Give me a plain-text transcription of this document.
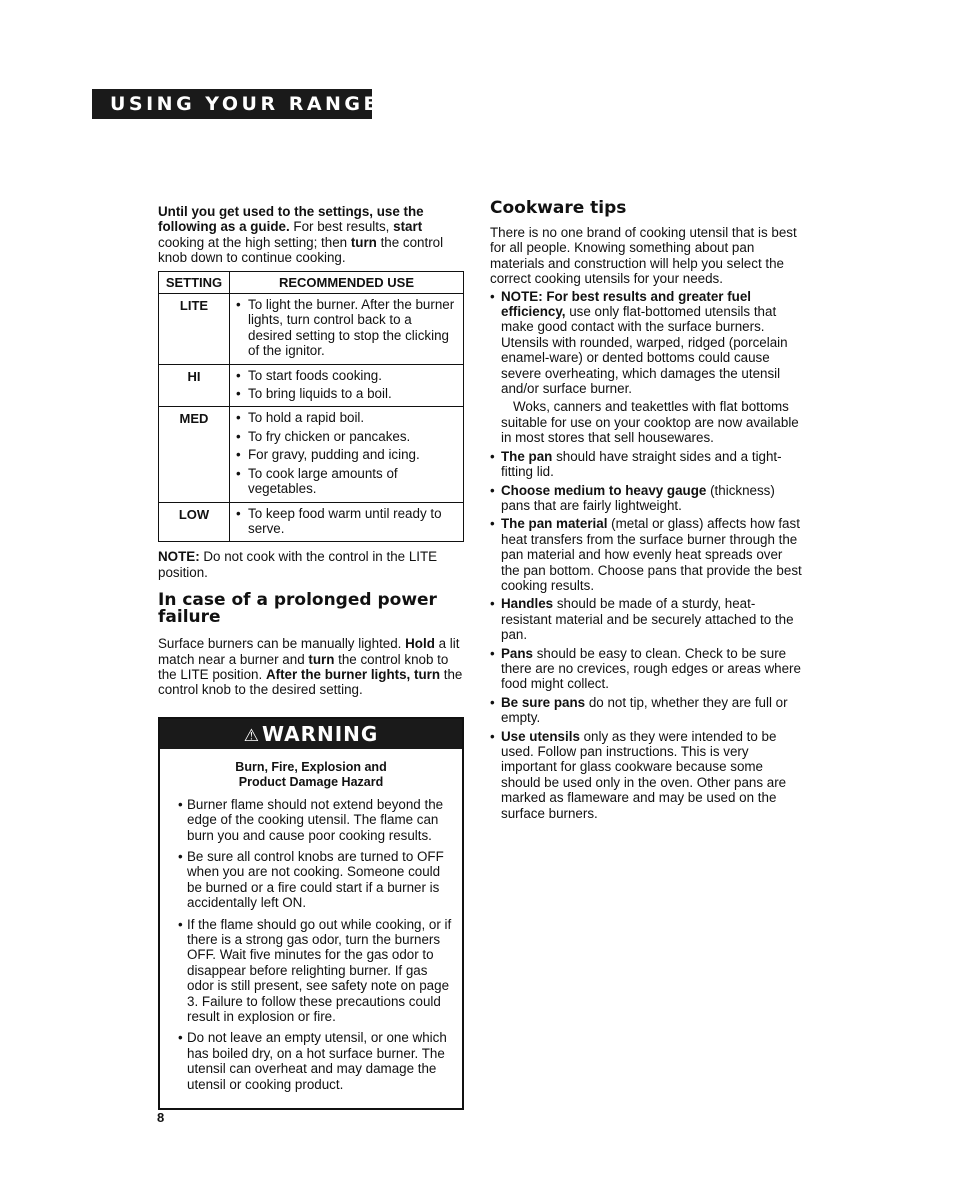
USING YOUR RANGE

Until you get used to the settings, use the following as a guide. For best results, start cooking at the high setting; then turn the control knob down to continue cooking.

SETTING	RECOMMENDED USE
LITE	• To light the burner. After the burner lights, turn control back to a desired setting to stop the clicking of the ignitor.

HI	• To start foods cooking.
• To bring liquids to a boil.

MED	• To hold a rapid boil.
• To fry chicken or pancakes.
• For gravy, pudding and icing.
• To cook large amounts of vegetables.

LOW	• To keep food warm until ready to serve.

NOTE: Do not cook with the control in the LITE position.

In case of a prolonged power failure

Surface burners can be manually lighted. Hold a lit match near a burner and turn the control knob to the LITE position. After the burner lights, turn the control knob to the desired setting.

⚠ WARNING
Burn, Fire, Explosion and
Product Damage Hazard
• Burner flame should not extend beyond the edge of the cooking utensil. The flame can burn you and cause poor cooking results.
• Be sure all control knobs are turned to OFF when you are not cooking. Someone could be burned or a fire could start if a burner is accidentally left ON.
• If the flame should go out while cooking, or if there is a strong gas odor, turn the burners OFF. Wait five minutes for the gas odor to disappear before relighting burner. If gas odor is still present, see safety note on page 3. Failure to follow these precautions could result in explosion or fire.
• Do not leave an empty utensil, or one which has boiled dry, on a hot surface burner. The utensil can overheat and may damage the utensil or cooking product.
Cookware tips

There is no one brand of cooking utensil that is best for all people. Knowing something about pan materials and construction will help you select the correct cooking utensils for your needs.

• NOTE: For best results and greater fuel efficiency, use only flat-bottomed utensils that make good contact with the surface burners. Utensils with rounded, warped, ridged (porcelain enamel-ware) or dented bottoms could cause severe overheating, which damages the utensil and/or surface burner.

Woks, canners and teakettles with flat bottoms suitable for use on your cooktop are now available in most stores that sell housewares.

• The pan should have straight sides and a tight-fitting lid.
• Choose medium to heavy gauge (thickness) pans that are fairly lightweight.
• The pan material (metal or glass) affects how fast heat transfers from the surface burner through the pan material and how evenly heat spreads over the pan bottom. Choose pans that provide the best cooking results.
• Handles should be made of a sturdy, heat-resistant material and be securely attached to the pan.
• Pans should be easy to clean. Check to be sure there are no crevices, rough edges or areas where food might collect.
• Be sure pans do not tip, whether they are full or empty.
• Use utensils only as they were intended to be used. Follow pan instructions. This is very important for glass cookware because some should be used only in the oven. Other pans are marked as flameware and may be used on the surface burners.
8
